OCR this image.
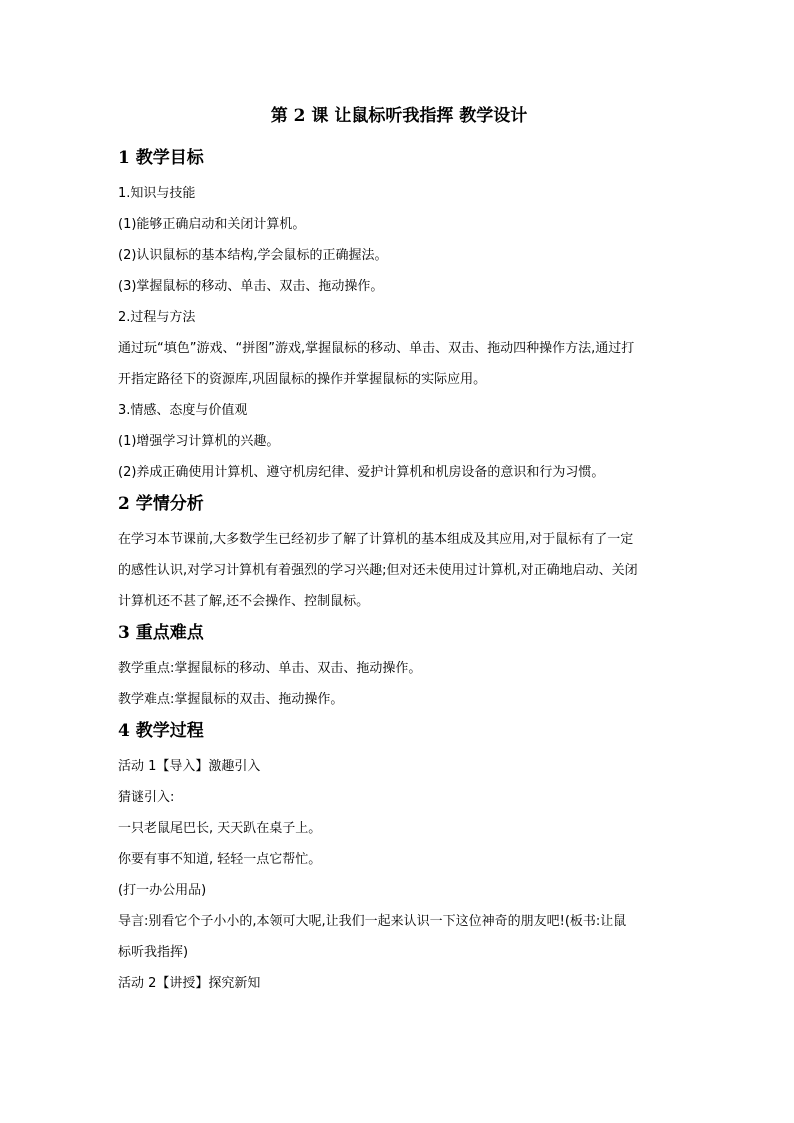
第 2 课 让鼠标听我指挥 教学设计
1 教学目标
1.知识与技能
(1)能够正确启动和关闭计算机。
(2)认识鼠标的基本结构,学会鼠标的正确握法。
(3)掌握鼠标的移动、单击、双击、拖动操作。
2.过程与方法
通过玩“填色”游戏、“拼图”游戏,掌握鼠标的移动、单击、双击、拖动四种操作方法,通过打
开指定路径下的资源库,巩固鼠标的操作并掌握鼠标的实际应用。
3.情感、态度与价值观
(1)增强学习计算机的兴趣。
(2)养成正确使用计算机、遵守机房纪律、爱护计算机和机房设备的意识和行为习惯。
2 学情分析
在学习本节课前,大多数学生已经初步了解了计算机的基本组成及其应用,对于鼠标有了一定
的感性认识,对学习计算机有着强烈的学习兴趣;但对还未使用过计算机,对正确地启动、关闭
计算机还不甚了解,还不会操作、控制鼠标。
3 重点难点
教学重点:掌握鼠标的移动、单击、双击、拖动操作。
教学难点:掌握鼠标的双击、拖动操作。
4 教学过程
活动 1【导入】激趣引入
猜谜引入:
一只老鼠尾巴长, 天天趴在桌子上。
你要有事不知道, 轻轻一点它帮忙。
(打一办公用品)
导言:别看它个子小小的,本领可大呢,让我们一起来认识一下这位神奇的朋友吧!(板书:让鼠
标听我指挥)
活动 2【讲授】探究新知
